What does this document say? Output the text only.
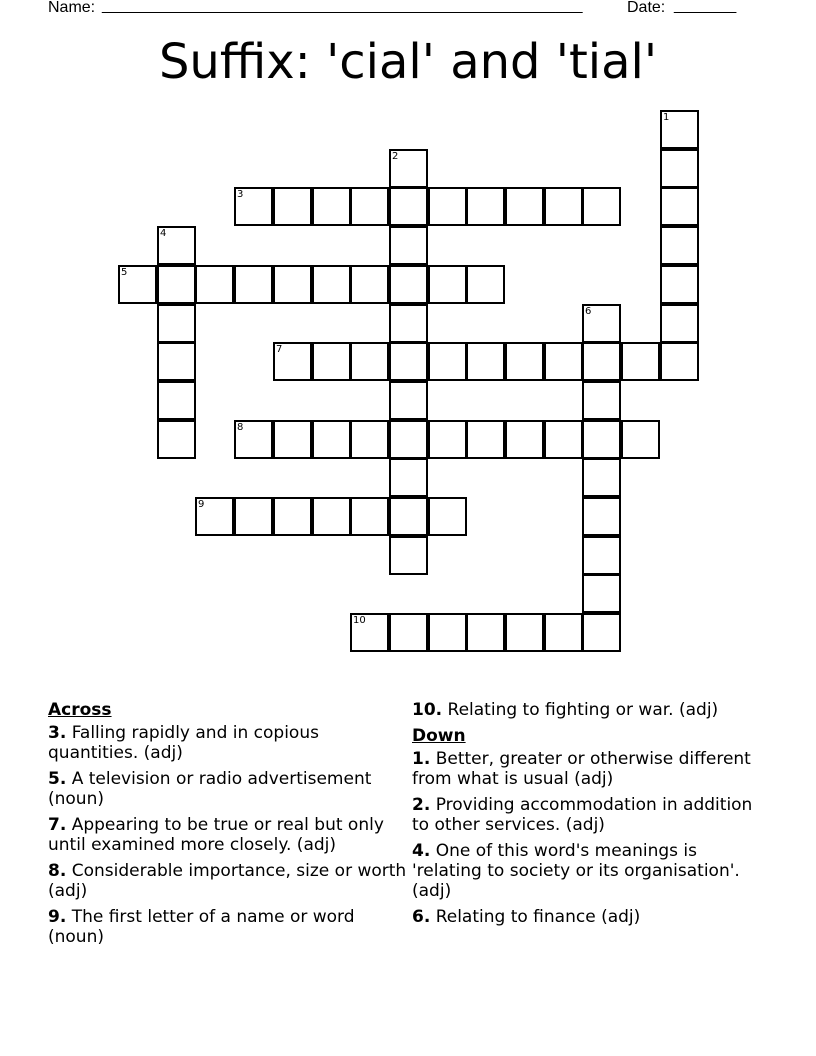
Name: ______________________________________________________	Date: _______
Suffix: 'cial' and 'tial'
1
2
3
4
5
6
7
8
9
10
Across
3. Falling rapidly and in copious quantities. (adj)
5. A television or radio advertisement (noun)
7. Appearing to be true or real but only until examined more closely. (adj)
8. Considerable importance, size or worth (adj)
9. The first letter of a name or word (noun)
10. Relating to fighting or war. (adj)
Down
1. Better, greater or otherwise different from what is usual (adj)
2. Providing accommodation in addition to other services. (adj)
4. One of this word's meanings is 'relating to society or its organisation'. (adj)
6. Relating to finance (adj)
